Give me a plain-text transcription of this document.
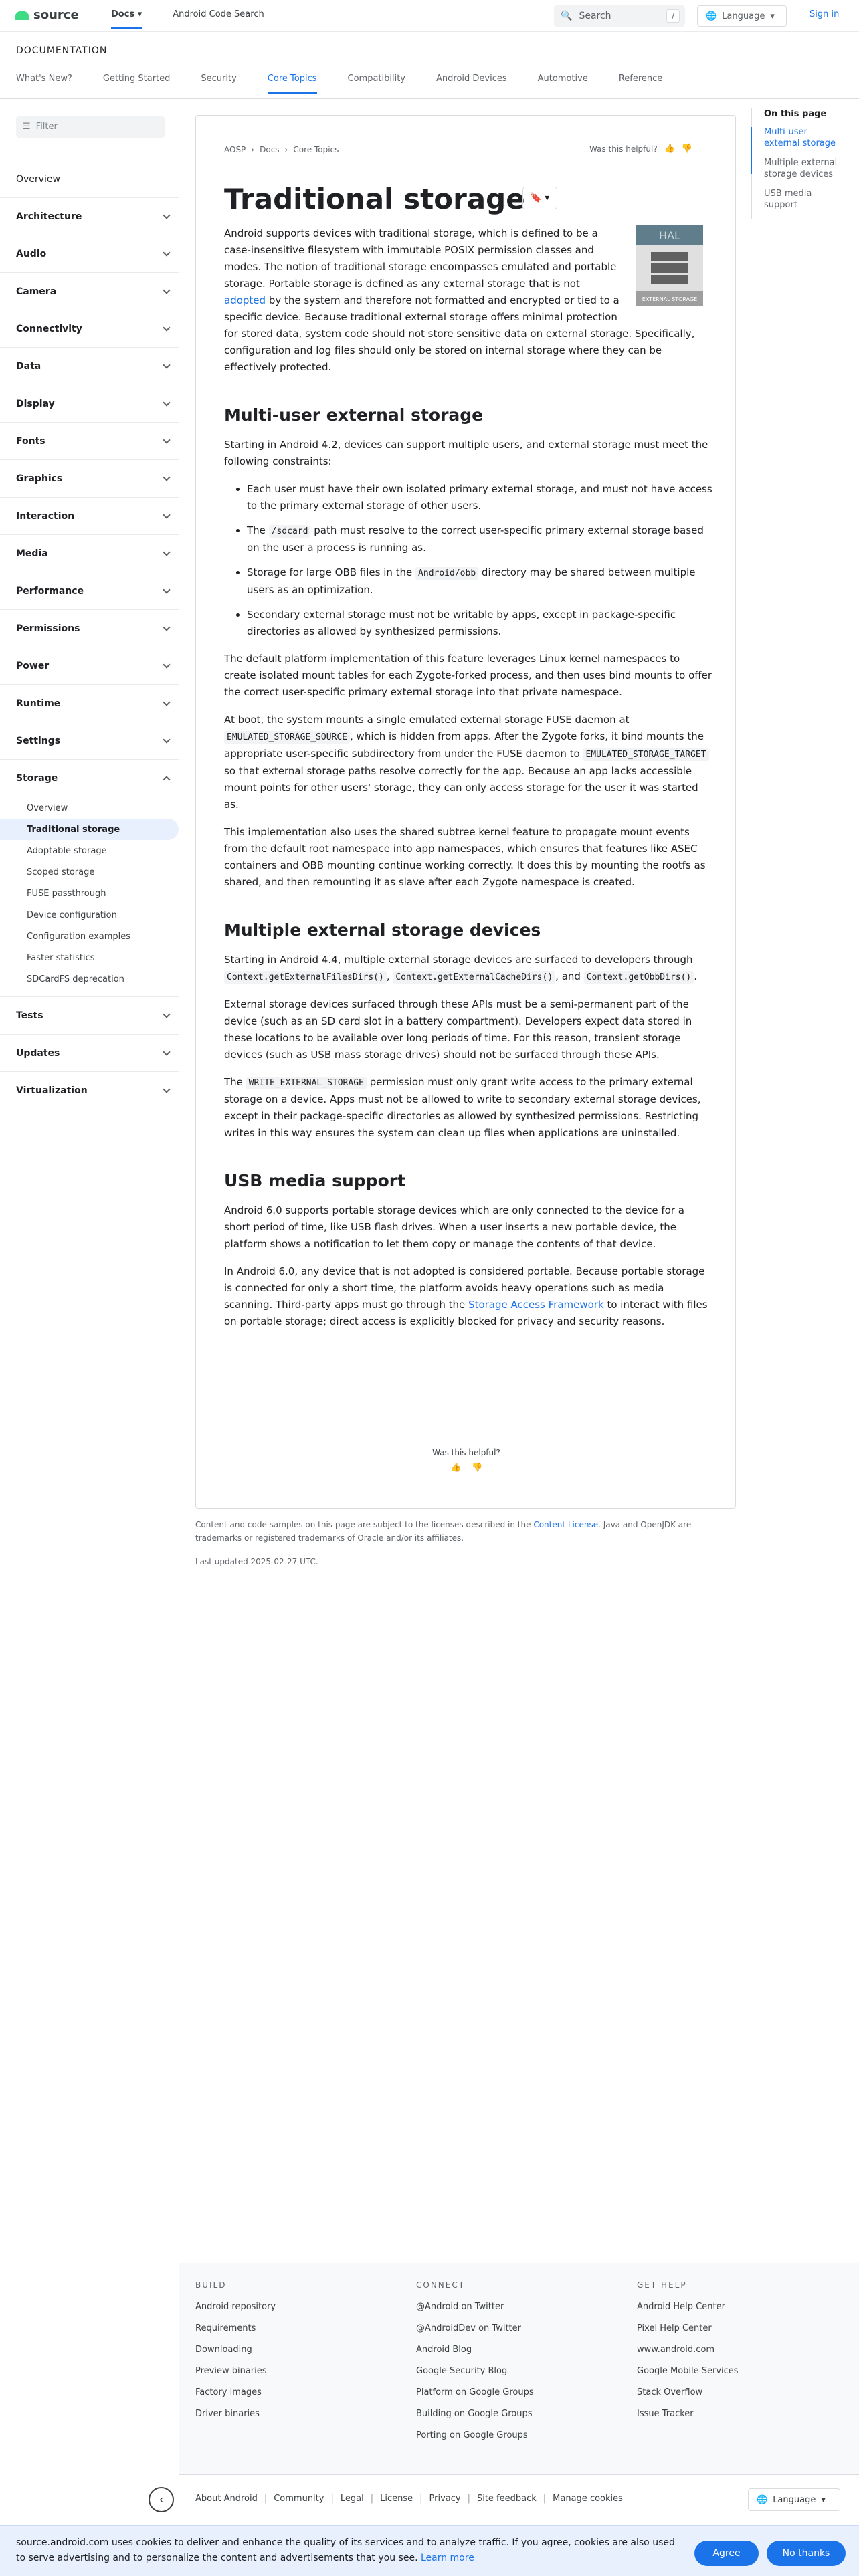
source	Docs ▾	Android Code Search	🔍 Search	/	🌐 Language ▾	Sign in
DOCUMENTATION
What's New?	Getting Started	Security	Core Topics	Compatibility	Android Devices	Automotive	Reference
☰ Filter
Overview
Architecture
Audio
Camera
Connectivity
Data
Display
Fonts
Graphics
Interaction
Media
Performance
Permissions
Power
Runtime
Settings
Storage
Overview
Traditional storage
Adoptable storage
Scoped storage
FUSE passthrough
Device configuration
Configuration examples
Faster statistics
SDCardFS deprecation
Tests
Updates
Virtualization
AOSP › Docs › Core Topics	Was this helpful? 👍 👎
Traditional storage 🔖 ▾
HAL
EXTERNAL STORAGE

Android supports devices with traditional storage, which is defined to be a case-insensitive filesystem with immutable POSIX permission classes and modes. The notion of traditional storage encompasses emulated and portable storage. Portable storage is defined as any external storage that is not adopted by the system and therefore not formatted and encrypted or tied to a specific device. Because traditional external storage offers minimal protection for stored data, system code should not store sensitive data on external storage. Specifically, configuration and log files should only be stored on internal storage where they can be effectively protected.

Multi-user external storage

Starting in Android 4.2, devices can support multiple users, and external storage must meet the following constraints:

• Each user must have their own isolated primary external storage, and must not have access to the primary external storage of other users.
• The /sdcard path must resolve to the correct user-specific primary external storage based on the user a process is running as.
• Storage for large OBB files in the Android/obb directory may be shared between multiple users as an optimization.
• Secondary external storage must not be writable by apps, except in package-specific directories as allowed by synthesized permissions.

The default platform implementation of this feature leverages Linux kernel namespaces to create isolated mount tables for each Zygote-forked process, and then uses bind mounts to offer the correct user-specific primary external storage into that private namespace.

At boot, the system mounts a single emulated external storage FUSE daemon at EMULATED_STORAGE_SOURCE , which is hidden from apps. After the Zygote forks, it bind mounts the appropriate user-specific subdirectory from under the FUSE daemon to EMULATED_STORAGE_TARGET so that external storage paths resolve correctly for the app. Because an app lacks accessible mount points for other users' storage, they can only access storage for the user it was started as.

This implementation also uses the shared subtree kernel feature to propagate mount events from the default root namespace into app namespaces, which ensures that features like ASEC containers and OBB mounting continue working correctly. It does this by mounting the rootfs as shared, and then remounting it as slave after each Zygote namespace is created.

Multiple external storage devices

Starting in Android 4.4, multiple external storage devices are surfaced to developers through Context.getExternalFilesDirs() , Context.getExternalCacheDirs() , and Context.getObbDirs() .

External storage devices surfaced through these APIs must be a semi-permanent part of the device (such as an SD card slot in a battery compartment). Developers expect data stored in these locations to be available over long periods of time. For this reason, transient storage devices (such as USB mass storage drives) should not be surfaced through these APIs.

The WRITE_EXTERNAL_STORAGE permission must only grant write access to the primary external storage on a device. Apps must not be allowed to write to secondary external storage devices, except in their package-specific directories as allowed by synthesized permissions. Restricting writes in this way ensures the system can clean up files when applications are uninstalled.

USB media support

Android 6.0 supports portable storage devices which are only connected to the device for a short period of time, like USB flash drives. When a user inserts a new portable device, the platform shows a notification to let them copy or manage the contents of that device.

In Android 6.0, any device that is not adopted is considered portable. Because portable storage is connected for only a short time, the platform avoids heavy operations such as media scanning. Third-party apps must go through the Storage Access Framework to interact with files on portable storage; direct access is explicitly blocked for privacy and security reasons.

Was this helpful?
👍 👎
Content and code samples on this page are subject to the licenses described in the Content License. Java and OpenJDK are trademarks or registered trademarks of Oracle and/or its affiliates.
Last updated 2025-02-27 UTC.
On this page
Multi-user external storage
Multiple external storage devices
USB media support
BUILD
Android repository
Requirements
Downloading
Preview binaries
Factory images
Driver binaries
CONNECT
@Android on Twitter
@AndroidDev on Twitter
Android Blog
Google Security Blog
Platform on Google Groups
Building on Google Groups
Porting on Google Groups
GET HELP
Android Help Center
Pixel Help Center
www.android.com
Google Mobile Services
Stack Overflow
Issue Tracker
‹	About Android | Community | Legal | License | Privacy | Site feedback | Manage cookies	🌐 Language ▾
source.android.com uses cookies to deliver and enhance the quality of its services and to analyze traffic. If you agree, cookies are also used to serve advertising and to personalize the content and advertisements that you see. Learn more	Agree	No thanks
